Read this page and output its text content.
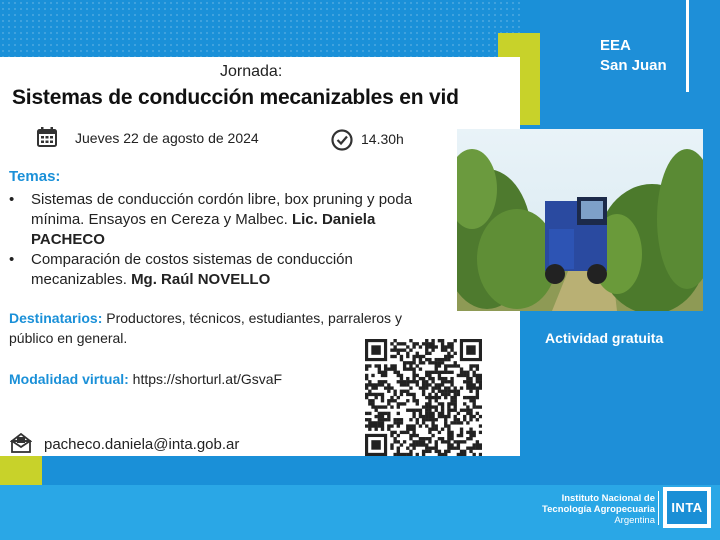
EEA
San Juan
Actividad gratuita
Jornada:
Sistemas de conducción mecanizables en vid
Jueves 22 de agosto de 2024	14.30h
Temas:
• Sistemas de conducción cordón libre, box pruning y poda mínima. Ensayos en Cereza y Malbec. Lic. Daniela PACHECO
• Comparación de costos sistemas de conducción mecanizables. Mg. Raúl NOVELLO
Destinatarios: Productores, técnicos, estudiantes, parraleros y público en general.
Modalidad virtual: https://shorturl.at/GsvaF
pacheco.daniela@inta.gob.ar
Instituto Nacional de
Tecnología Agropecuaria
Argentina
INTA
